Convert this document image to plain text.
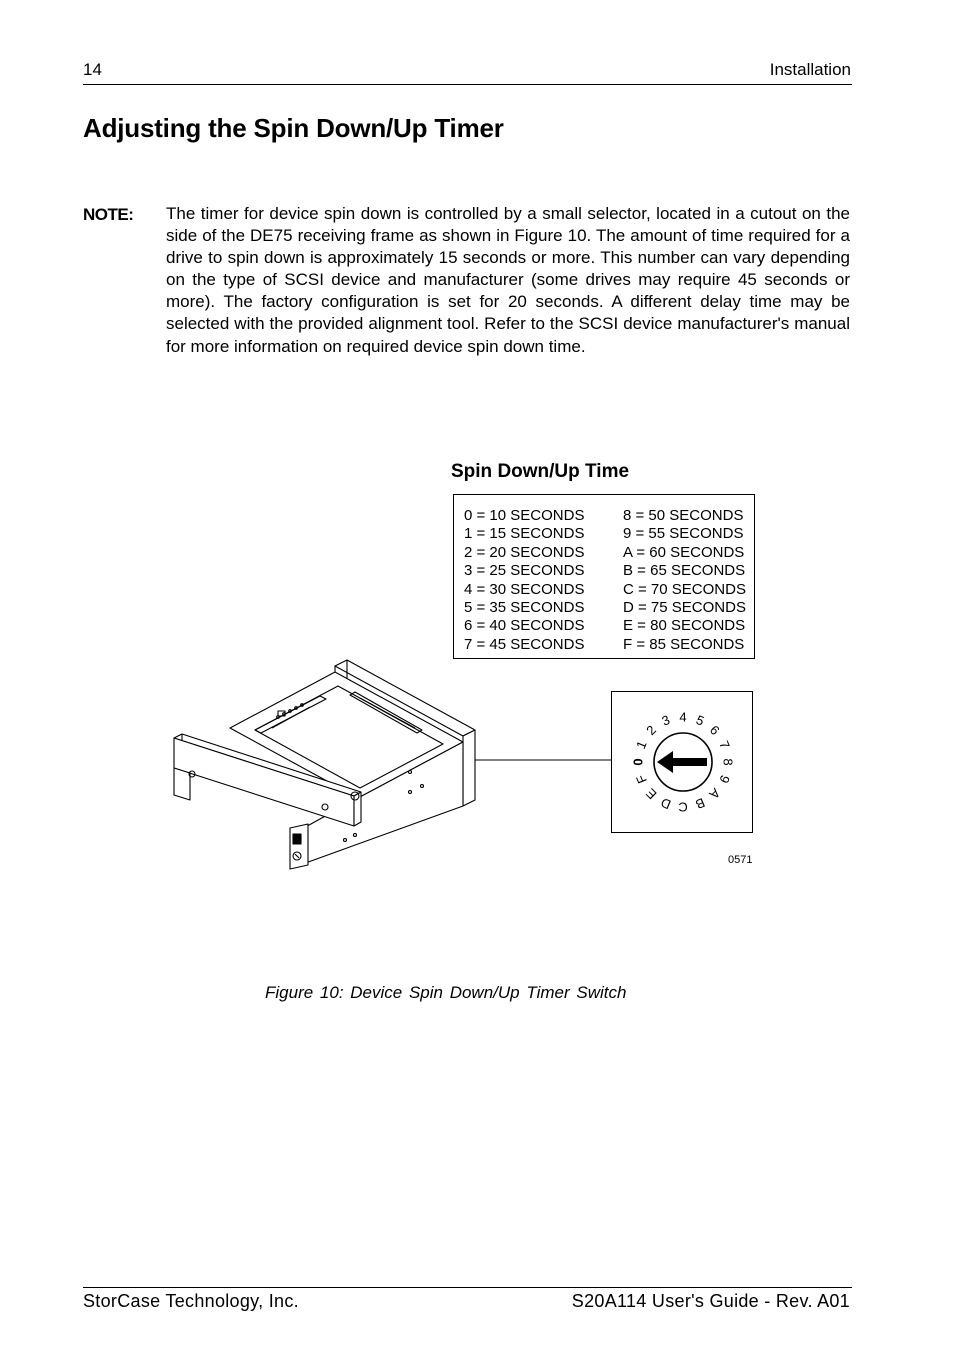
14	Installation
Adjusting the Spin Down/Up Timer
NOTE: The timer for device spin down is controlled by a small selector, located in a cutout on the side of the DE75 receiving frame as shown in Figure 10. The amount of time required for a drive to spin down is approximately 15 seconds or more. This number can vary depending on the type of SCSI device and manufacturer (some drives may require 45 seconds or more). The factory configuration is set for 20 seconds. A different delay time may be selected with the provided alignment tool. Refer to the SCSI device manufacturer's manual for more information on required device spin down time.

Spin Down/Up Time
0 = 10 SECONDS
1 = 15 SECONDS
2 = 20 SECONDS
3 = 25 SECONDS
4 = 30 SECONDS
5 = 35 SECONDS
6 = 40 SECONDS
7 = 45 SECONDS
8 = 50 SECONDS
9 = 55 SECONDS
A = 60 SECONDS
B = 65 SECONDS
C = 70 SECONDS
D = 75 SECONDS
E = 80 SECONDS
F = 85 SECONDS
0
1
2
3 4 5
6
7
8
9
A
B
C
D
E
F
0571
Figure 10: Device Spin Down/Up Timer Switch
StorCase Technology, Inc.	S20A114 User's Guide - Rev. A01
